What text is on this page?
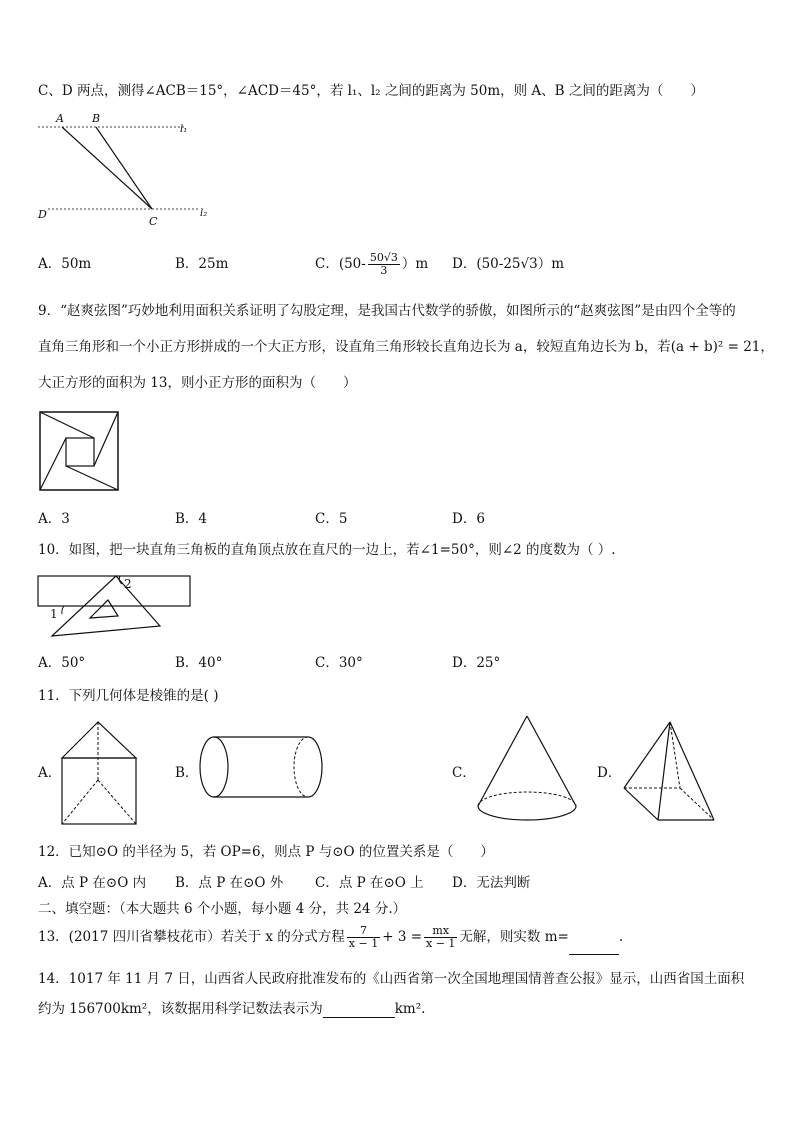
C、D 两点，测得∠ACB＝15°，∠ACD＝45°，若 l₁、l₂ 之间的距离为 50m，则 A、B 之间的距离为（　　）
A	B
l₁
D
C
l₂
A．50m	B．25m	C．$(50- \frac{50√3}{3} )m$ D．(50-25√3）m
9．“赵爽弦图”巧妙地利用面积关系证明了勾股定理，是我国古代数学的骄傲，如图所示的“赵爽弦图”是由四个全等的
直角三角形和一个小正方形拼成的一个大正方形，设直角三角形较长直角边长为 a，较短直角边长为 b，若(a + b)² = 21，
大正方形的面积为 13，则小正方形的面积为（　　）
A．3	B．4	C．5	D．6
10．如图，把一块直角三角板的直角顶点放在直尺的一边上，若∠1=50°，则∠2 的度数为（ ）.
1
2
A．50°	B．40°	C．30°	D．25°
11．下列几何体是棱锥的是( )
A．	B．	C．	D．
12．已知⊙O 的半径为 5，若 OP=6，则点 P 与⊙O 的位置关系是（　　）
A．点 P 在⊙O 内 B．点 P 在⊙O 外 C．点 P 在⊙O 上 D．无法判断
二、填空题：（本大题共 6 个小题，每小题 4 分，共 24 分.）
13．(2017 四川省攀枝花市）若关于 x 的分式方程 $\frac{7}{x - 1} + 3 = \frac{mx}{x - 1}$ 无解，则实数 m=	.
14．1017 年 11 月 7 日，山西省人民政府批准发布的《山西省第一次全国地理国情普查公报》显示，山西省国土面积
约为 156700km²，该数据用科学记数法表示为	km².
